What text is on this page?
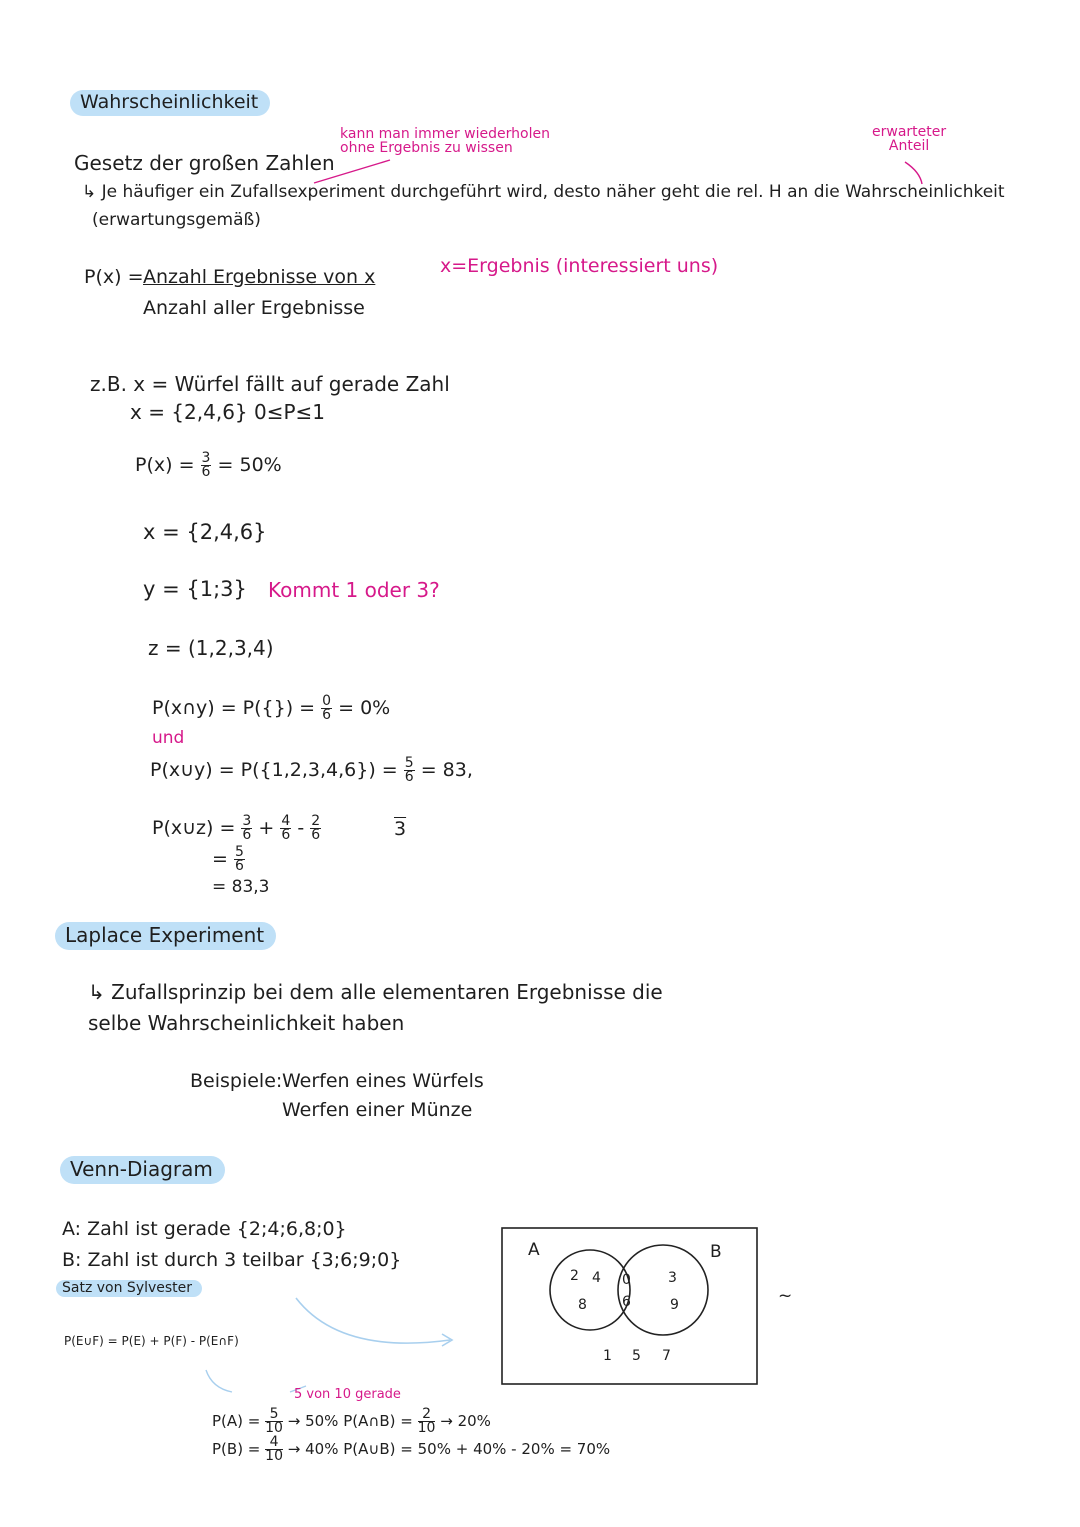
Wahrscheinlichkeit
kann man immer wiederholen
ohne Ergebnis zu wissen
erwarteter
Anteil
Gesetz der großen Zahlen
↳ Je häufiger ein Zufallsexperiment durchgeführt wird, desto näher geht die rel. H an die Wahrscheinlichkeit
(erwartungsgemäß)
P(x) = Anzahl Ergebnisse von x
Anzahl aller Ergebnisse
x=Ergebnis (interessiert uns)
z.B. x = Würfel fällt auf gerade Zahl
x = {2,4,6} 0≤P≤1
$P(x) = \frac{3}{6} = 50\%$
x = {2,4,6}
y = {1;3} Kommt 1 oder 3?
z = (1,2,3,4)
P(x∩y) = $P(\{\}) = \frac{0}{6} = 0\%$
und
P(x∪y) = $P(\{1,2,3,4,6\}) = \frac{5}{6} = 83$,
P(x∪z) = $\frac{3}{6} + \frac{4}{6} - \frac{2}{6}$	3
= $\frac{5}{6}$
= 83,3
Laplace Experiment
↳ Zufallsprinzip bei dem alle elementaren Ergebnisse die
selbe Wahrscheinlichkeit haben
Beispiele: Werfen eines Würfels
Werfen einer Münze
Venn-Diagram
A: Zahl ist gerade {2;4;6,8;0}
B: Zahl ist durch 3 teilbar {3;6;9;0}
Satz von Sylvester
P(E∪F) = P(E) + P(F) - P(E∩F)
A	B
2 4
8
0
6
3
9
1 5 7
~
5 von 10 gerade
$P(A) = \frac{5}{10} \to 50\%$ P(A∩B) = $\frac{2}{10} \to 20\%$
$P(B) = \frac{4}{10} \to 40\%$ P(A∪B) = 50% + 40% - 20% = 70%
